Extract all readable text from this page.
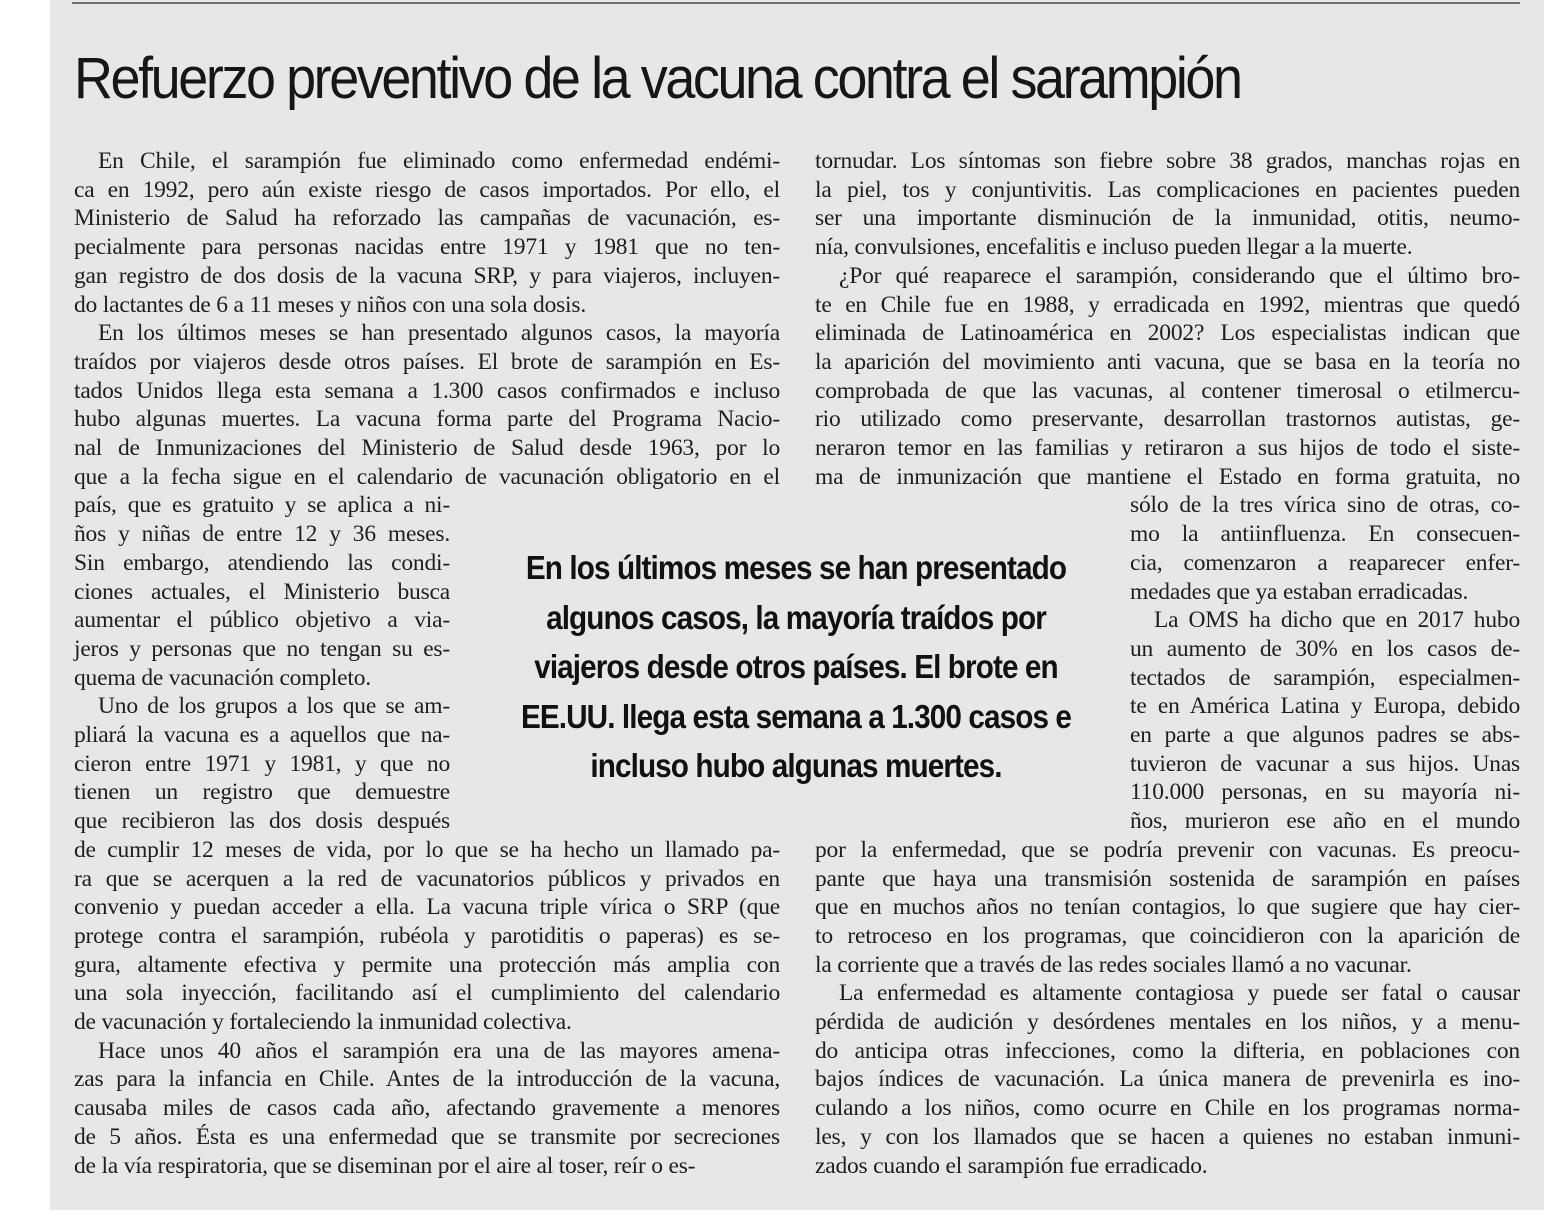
Refuerzo preventivo de la vacuna contra el sarampión
En los últimos meses se han presentado
algunos casos, la mayoría traídos por
viajeros desde otros países. El brote en
EE.UU. llega esta semana a 1.300 casos e
incluso hubo algunas muertes.
En Chile, el sarampión fue eliminado como enfermedad endémi-
ca en 1992, pero aún existe riesgo de casos importados. Por ello, el
Ministerio de Salud ha reforzado las campañas de vacunación, es-
pecialmente para personas nacidas entre 1971 y 1981 que no ten-
gan registro de dos dosis de la vacuna SRP, y para viajeros, incluyen-
do lactantes de 6 a 11 meses y niños con una sola dosis.
En los últimos meses se han presentado algunos casos, la mayoría
traídos por viajeros desde otros países. El brote de sarampión en Es-
tados Unidos llega esta semana a 1.300 casos confirmados e incluso
hubo algunas muertes. La vacuna forma parte del Programa Nacio-
nal de Inmunizaciones del Ministerio de Salud desde 1963, por lo
que a la fecha sigue en el calendario de vacunación obligatorio en el
país, que es gratuito y se aplica a ni-
ños y niñas de entre 12 y 36 meses.
Sin embargo, atendiendo las condi-
ciones actuales, el Ministerio busca
aumentar el público objetivo a via-
jeros y personas que no tengan su es-
quema de vacunación completo.
Uno de los grupos a los que se am-
pliará la vacuna es a aquellos que na-
cieron entre 1971 y 1981, y que no
tienen un registro que demuestre
que recibieron las dos dosis después
de cumplir 12 meses de vida, por lo que se ha hecho un llamado pa-
ra que se acerquen a la red de vacunatorios públicos y privados en
convenio y puedan acceder a ella. La vacuna triple vírica o SRP (que
protege contra el sarampión, rubéola y parotiditis o paperas) es se-
gura, altamente efectiva y permite una protección más amplia con
una sola inyección, facilitando así el cumplimiento del calendario
de vacunación y fortaleciendo la inmunidad colectiva.
Hace unos 40 años el sarampión era una de las mayores amena-
zas para la infancia en Chile. Antes de la introducción de la vacuna,
causaba miles de casos cada año, afectando gravemente a menores
de 5 años. Ésta es una enfermedad que se transmite por secreciones
de la vía respiratoria, que se diseminan por el aire al toser, reír o es-
tornudar. Los síntomas son fiebre sobre 38 grados, manchas rojas en
la piel, tos y conjuntivitis. Las complicaciones en pacientes pueden
ser una importante disminución de la inmunidad, otitis, neumo-
nía, convulsiones, encefalitis e incluso pueden llegar a la muerte.
¿Por qué reaparece el sarampión, considerando que el último bro-
te en Chile fue en 1988, y erradicada en 1992, mientras que quedó
eliminada de Latinoamérica en 2002? Los especialistas indican que
la aparición del movimiento anti vacuna, que se basa en la teoría no
comprobada de que las vacunas, al contener timerosal o etilmercu-
rio utilizado como preservante, desarrollan trastornos autistas, ge-
neraron temor en las familias y retiraron a sus hijos de todo el siste-
ma de inmunización que mantiene el Estado en forma gratuita, no
sólo de la tres vírica sino de otras, co-
mo la antiinfluenza. En consecuen-
cia, comenzaron a reaparecer enfer-
medades que ya estaban erradicadas.
La OMS ha dicho que en 2017 hubo
un aumento de 30% en los casos de-
tectados de sarampión, especialmen-
te en América Latina y Europa, debido
en parte a que algunos padres se abs-
tuvieron de vacunar a sus hijos. Unas
110.000 personas, en su mayoría ni-
ños, murieron ese año en el mundo
por la enfermedad, que se podría prevenir con vacunas. Es preocu-
pante que haya una transmisión sostenida de sarampión en países
que en muchos años no tenían contagios, lo que sugiere que hay cier-
to retroceso en los programas, que coincidieron con la aparición de
la corriente que a través de las redes sociales llamó a no vacunar.
La enfermedad es altamente contagiosa y puede ser fatal o causar
pérdida de audición y desórdenes mentales en los niños, y a menu-
do anticipa otras infecciones, como la difteria, en poblaciones con
bajos índices de vacunación. La única manera de prevenirla es ino-
culando a los niños, como ocurre en Chile en los programas norma-
les, y con los llamados que se hacen a quienes no estaban inmuni-
zados cuando el sarampión fue erradicado.
